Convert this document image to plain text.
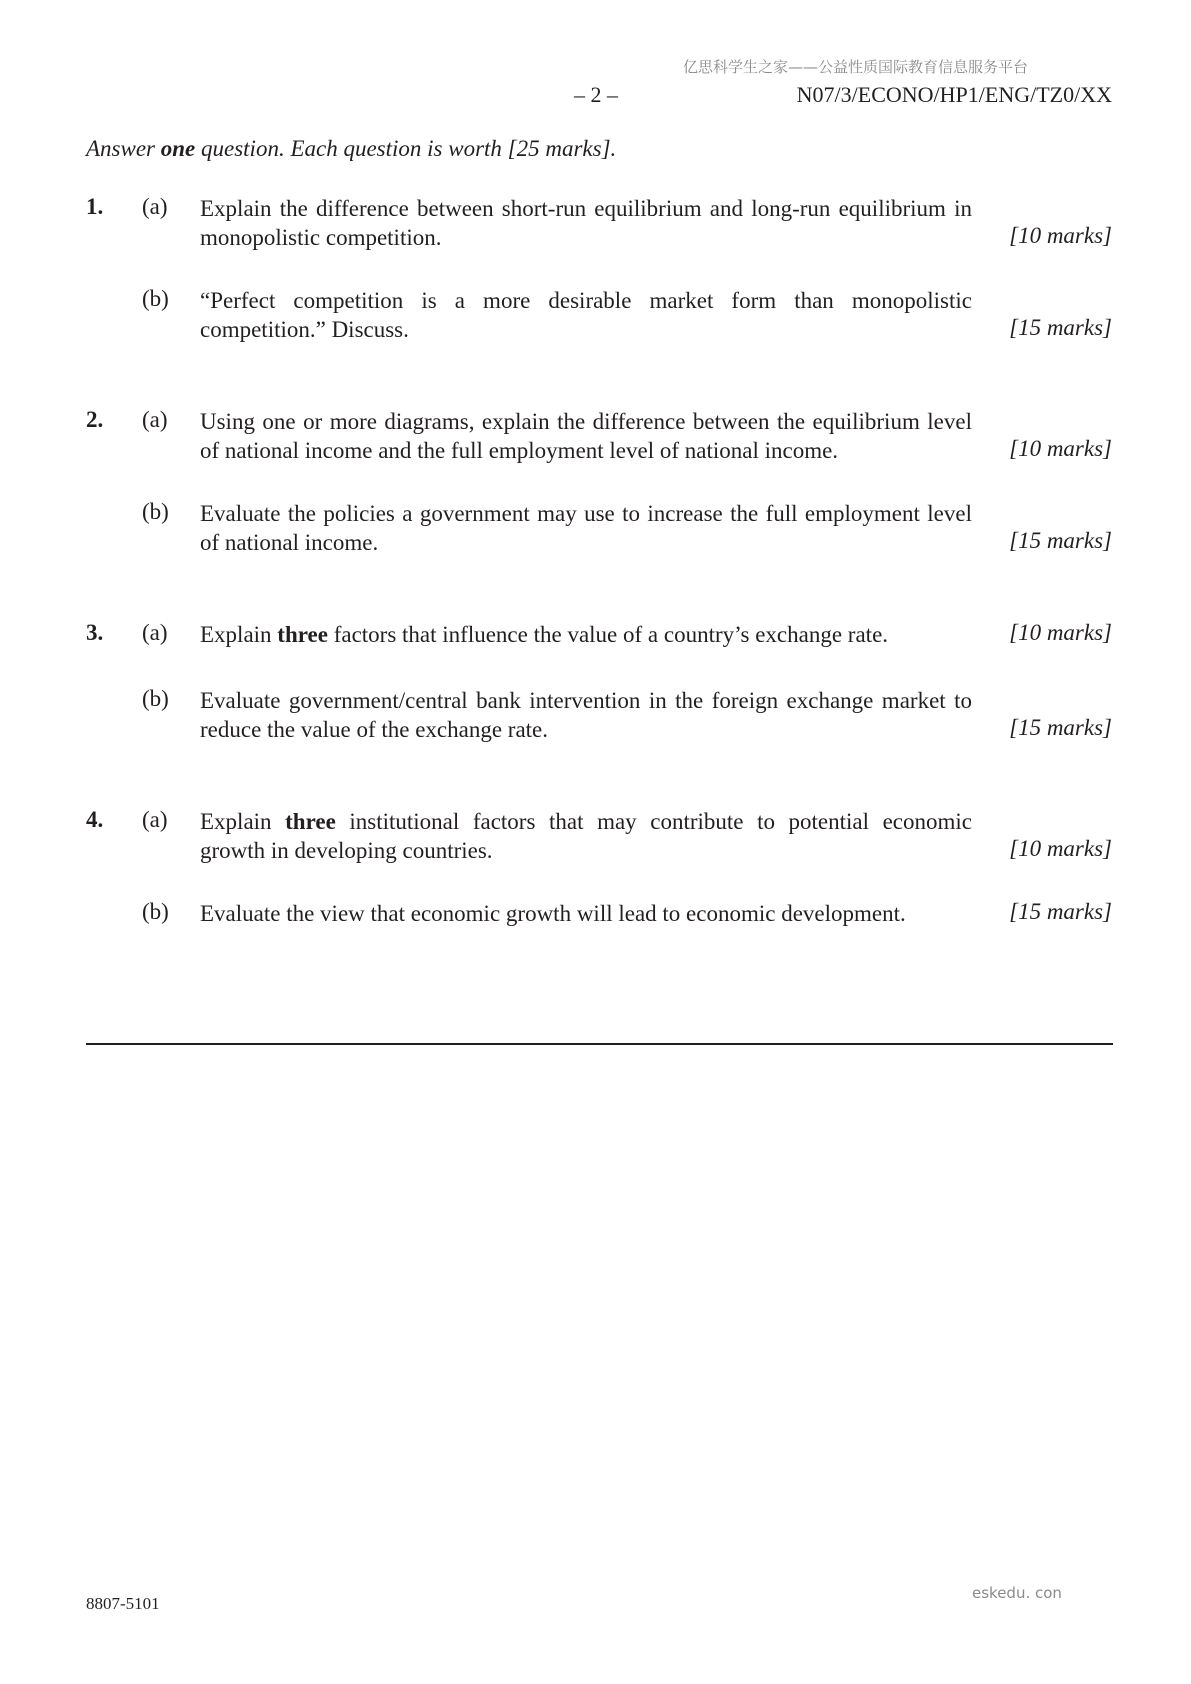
亿思科学生之家——公益性质国际教育信息服务平台
– 2 –	N07/3/ECONO/HP1/ENG/TZ0/XX
Answer one question. Each question is worth [25 marks].
1. (a) Explain the difference between short-run equilibrium and long-run equilibrium in monopolistic competition.	[10 marks]
(b) “Perfect competition is a more desirable market form than monopolistic competition.” Discuss.	[15 marks]
2. (a) Using one or more diagrams, explain the difference between the equilibrium level of national income and the full employment level of national income.	[10 marks]
(b) Evaluate the policies a government may use to increase the full employment level of national income.	[15 marks]
3. (a) Explain three factors that influence the value of a country’s exchange rate.	[10 marks]
(b) Evaluate government/central bank intervention in the foreign exchange market to reduce the value of the exchange rate.	[15 marks]
4. (a) Explain three institutional factors that may contribute to potential economic growth in developing countries.	[10 marks]
(b) Evaluate the view that economic growth will lead to economic development.	[15 marks]
eskedu. con
8807-5101
